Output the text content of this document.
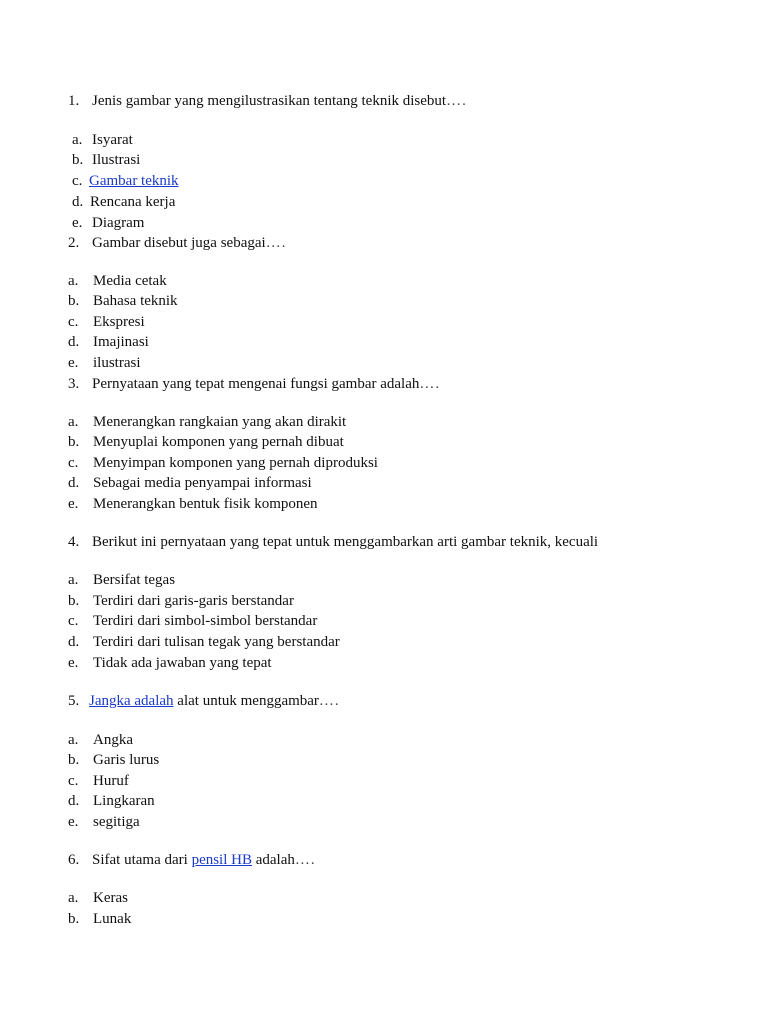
1. Jenis gambar yang mengilustrasikan tentang teknik disebut….
a. Isyarat
b. Ilustrasi
c. Gambar teknik
d. Rencana kerja
e. Diagram
2. Gambar disebut juga sebagai….
a. Media cetak
b. Bahasa teknik
c. Ekspresi
d. Imajinasi
e. ilustrasi
3. Pernyataan yang tepat mengenai fungsi gambar adalah….
a. Menerangkan rangkaian yang akan dirakit
b. Menyuplai komponen yang pernah dibuat
c. Menyimpan komponen yang pernah diproduksi
d. Sebagai media penyampai informasi
e. Menerangkan bentuk fisik komponen
4. Berikut ini pernyataan yang tepat untuk menggambarkan arti gambar teknik, kecuali
a. Bersifat tegas
b. Terdiri dari garis-garis berstandar
c. Terdiri dari simbol-simbol berstandar
d. Terdiri dari tulisan tegak yang berstandar
e. Tidak ada jawaban yang tepat
5. Jangka adalah alat untuk menggambar….
a. Angka
b. Garis lurus
c. Huruf
d. Lingkaran
e. segitiga
6. Sifat utama dari pensil HB adalah….
a. Keras
b. Lunak
